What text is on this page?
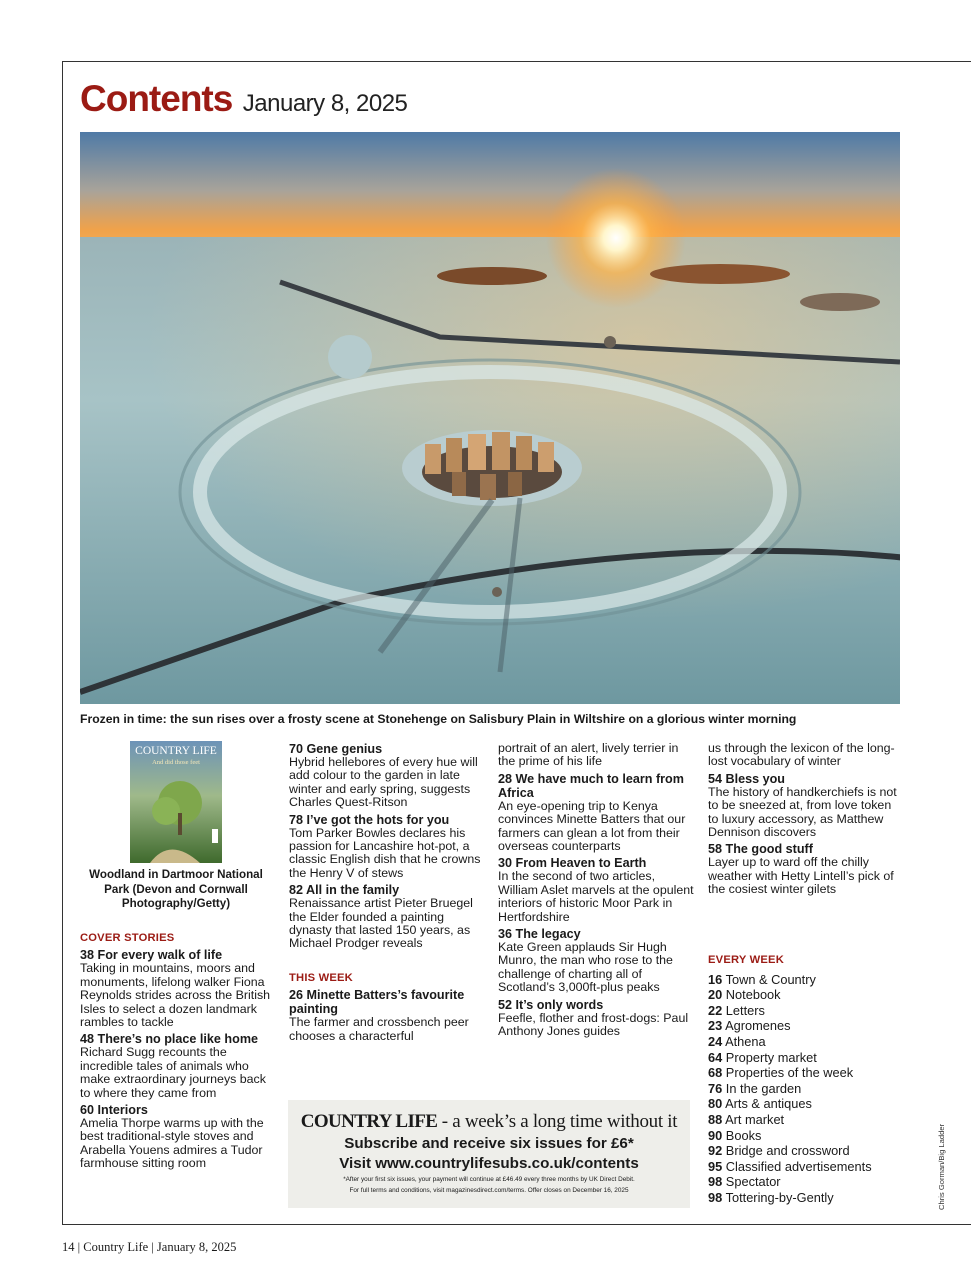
Contents January 8, 2025
Frozen in time: the sun rises over a frosty scene at Stonehenge on Salisbury Plain in Wiltshire on a glorious winter morning
COUNTRY LIFE
And did those feet
Woodland in Dartmoor National Park (Devon and Cornwall Photography/Getty)
COVER STORIES
38 For every walk of life
Taking in mountains, moors and monuments, lifelong walker Fiona Reynolds strides across the British Isles to select a dozen landmark rambles to tackle
48 There’s no place like home
Richard Sugg recounts the incredible tales of animals who make extraordinary journeys back to where they came from
60 Interiors
Amelia Thorpe warms up with the best traditional-style stoves and Arabella Youens admires a Tudor farmhouse sitting room
70 Gene genius
Hybrid hellebores of every hue will add colour to the garden in late winter and early spring, suggests Charles Quest-Ritson
78 I’ve got the hots for you
Tom Parker Bowles declares his passion for Lancashire hot-pot, a classic English dish that he crowns the Henry V of stews
82 All in the family
Renaissance artist Pieter Bruegel the Elder founded a painting dynasty that lasted 150 years, as Michael Prodger reveals
THIS WEEK
26 Minette Batters’s favourite painting
The farmer and crossbench peer chooses a characterful
portrait of an alert, lively terrier in the prime of his life
28 We have much to learn from Africa
An eye-opening trip to Kenya convinces Minette Batters that our farmers can glean a lot from their overseas counterparts
30 From Heaven to Earth
In the second of two articles, William Aslet marvels at the opulent interiors of historic Moor Park in Hertfordshire
36 The legacy
Kate Green applauds Sir Hugh Munro, the man who rose to the challenge of charting all of Scotland’s 3,000ft-plus peaks
52 It’s only words
Feefle, flother and frost-dogs: Paul Anthony Jones guides
us through the lexicon of the long-lost vocabulary of winter
54 Bless you
The history of handkerchiefs is not to be sneezed at, from love token to luxury accessory, as Matthew Dennison discovers
58 The good stuff
Layer up to ward off the chilly weather with Hetty Lintell’s pick of the cosiest winter gilets
EVERY WEEK
16 Town & Country
20 Notebook
22 Letters
23 Agromenes
24 Athena
64 Property market
68 Properties of the week
76 In the garden
80 Arts & antiques
88 Art market
90 Books
92 Bridge and crossword
95 Classified advertisements
98 Spectator
98 Tottering-by-Gently
COUNTRY LIFE - a week’s a long time without it
Subscribe and receive six issues for £6*
Visit www.countrylifesubs.co.uk/contents
*After your first six issues, your payment will continue at £46.49 every three months by UK Direct Debit.
For full terms and conditions, visit magazinesdirect.com/terms. Offer closes on December 16, 2025	Chris Gorman/Big Ladder
14 | Country Life | January 8, 2025
